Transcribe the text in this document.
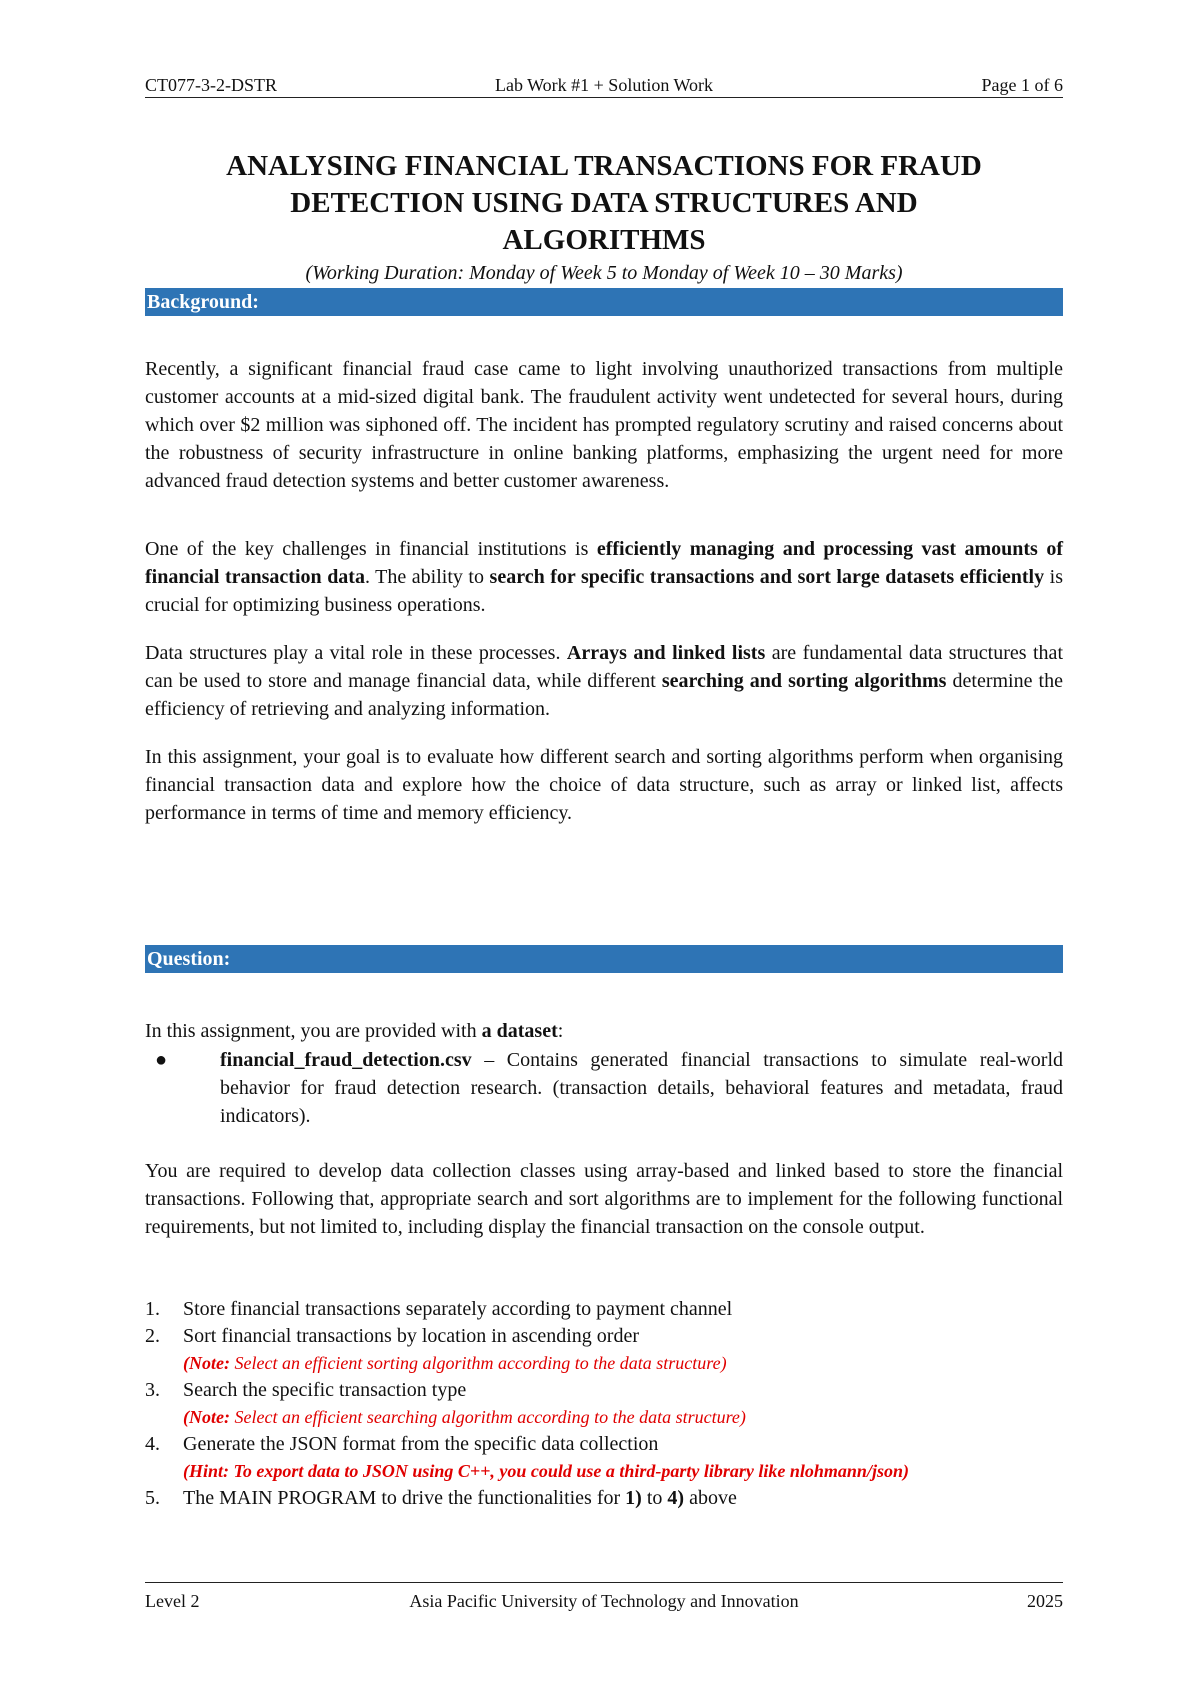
CT077-3-2-DSTR	Lab Work #1 + Solution Work	Page 1 of 6
ANALYSING FINANCIAL TRANSACTIONS FOR FRAUD
DETECTION USING DATA STRUCTURES AND
ALGORITHMS
(Working Duration: Monday of Week 5 to Monday of Week 10 – 30 Marks)
Background:
Recently, a significant financial fraud case came to light involving unauthorized transactions from multiple customer accounts at a mid-sized digital bank. The fraudulent activity went undetected for several hours, during which over $2 million was siphoned off. The incident has prompted regulatory scrutiny and raised concerns about the robustness of security infrastructure in online banking platforms, emphasizing the urgent need for more advanced fraud detection systems and better customer awareness.
One of the key challenges in financial institutions is efficiently managing and processing vast amounts of financial transaction data. The ability to search for specific transactions and sort large datasets efficiently is crucial for optimizing business operations.
Data structures play a vital role in these processes. Arrays and linked lists are fundamental data structures that can be used to store and manage financial data, while different searching and sorting algorithms determine the efficiency of retrieving and analyzing information.
In this assignment, your goal is to evaluate how different search and sorting algorithms perform when organising financial transaction data and explore how the choice of data structure, such as array or linked list, affects performance in terms of time and memory efficiency.
Question:
In this assignment, you are provided with a dataset:
●	financial_fraud_detection.csv – Contains generated financial transactions to simulate real-world behavior for fraud detection research. (transaction details, behavioral features and metadata, fraud indicators).
You are required to develop data collection classes using array-based and linked based to store the financial transactions. Following that, appropriate search and sort algorithms are to implement for the following functional requirements, but not limited to, including display the financial transaction on the console output.
1. Store financial transactions separately according to payment channel
2. Sort financial transactions by location in ascending order
(Note: Select an efficient sorting algorithm according to the data structure)
3. Search the specific transaction type
(Note: Select an efficient searching algorithm according to the data structure)
4. Generate the JSON format from the specific data collection
(Hint: To export data to JSON using C++, you could use a third-party library like nlohmann/json)
5. The MAIN PROGRAM to drive the functionalities for 1) to 4) above
Level 2	Asia Pacific University of Technology and Innovation	2025
